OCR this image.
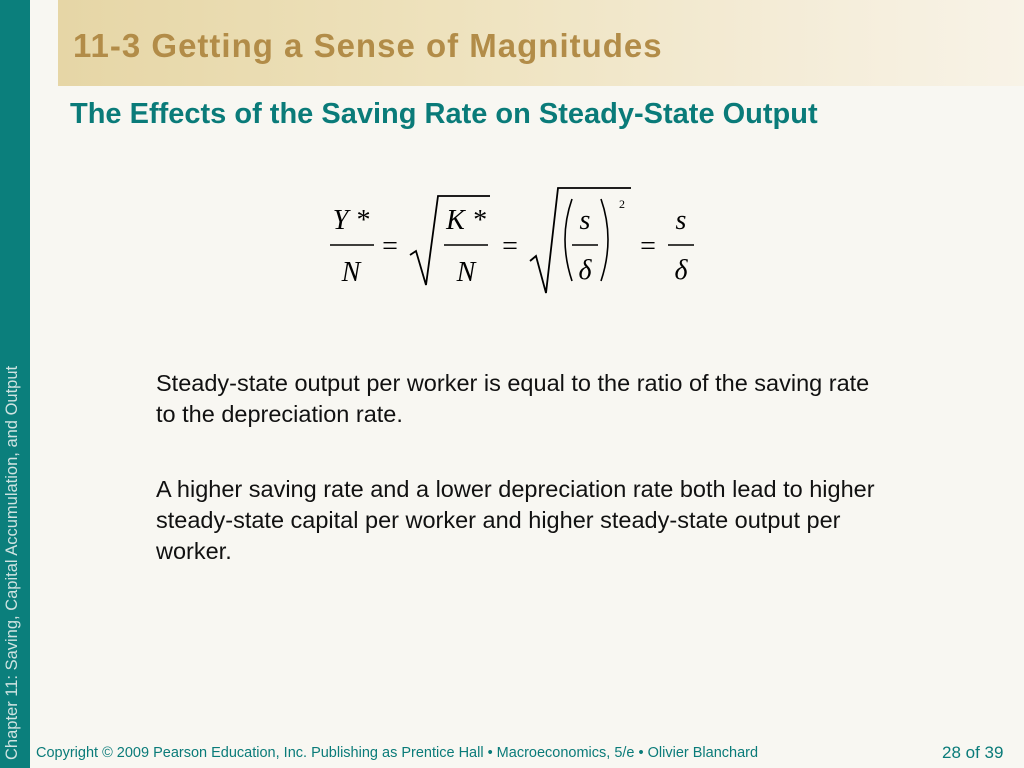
Chapter 11: Saving, Capital Accumulation, and Output
11-3 Getting a Sense of Magnitudes
The Effects of the Saving Rate on Steady-State Output
Y *
N
=
K *
N
=
s
δ
2
=
s
δ
Steady-state output per worker is equal to the ratio of the saving rate to the depreciation rate.
A higher saving rate and a lower depreciation rate both lead to higher steady-state capital per worker and higher steady-state output per worker.
Copyright © 2009 Pearson Education, Inc. Publishing as Prentice Hall • Macroeconomics, 5/e • Olivier Blanchard	28 of 39
